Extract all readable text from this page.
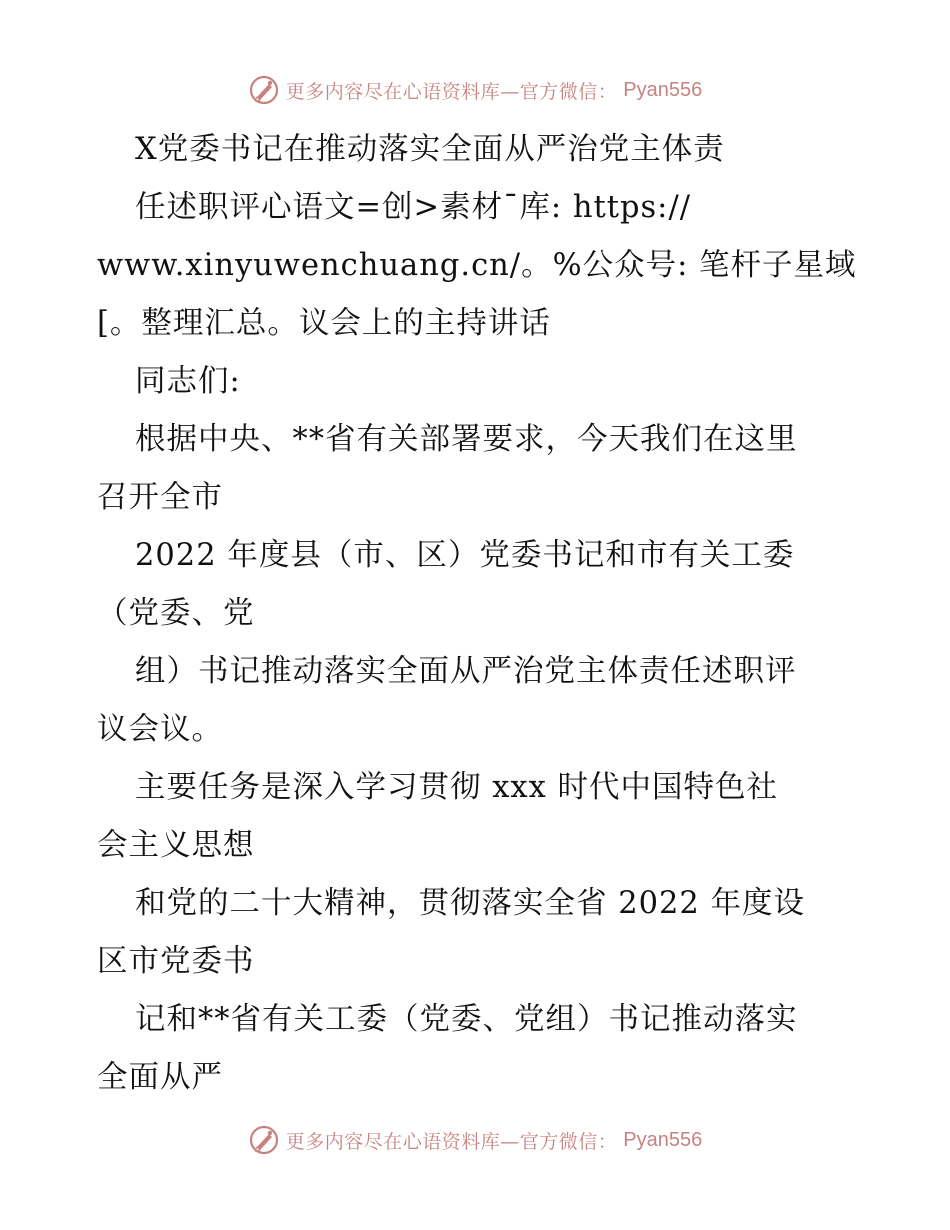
更多内容尽在心语资料库—官方微信： Pyan556
X党委书记在推动落实全面从严治党主体责
任述职评心语文=创>素材¯库: https://
www.xinyuwenchuang.cn/。%公众号: 笔杆子星域
[。整理汇总。议会上的主持讲话
同志们:
根据中央、**省有关部署要求，今天我们在这里
召开全市
2022 年度县（市、区）党委书记和市有关工委
（党委、党
组）书记推动落实全面从严治党主体责任述职评
议会议。
主要任务是深入学习贯彻 xxx 时代中国特色社
会主义思想
和党的二十大精神，贯彻落实全省 2022 年度设
区市党委书
记和**省有关工委（党委、党组）书记推动落实
全面从严
更多内容尽在心语资料库—官方微信： Pyan556
